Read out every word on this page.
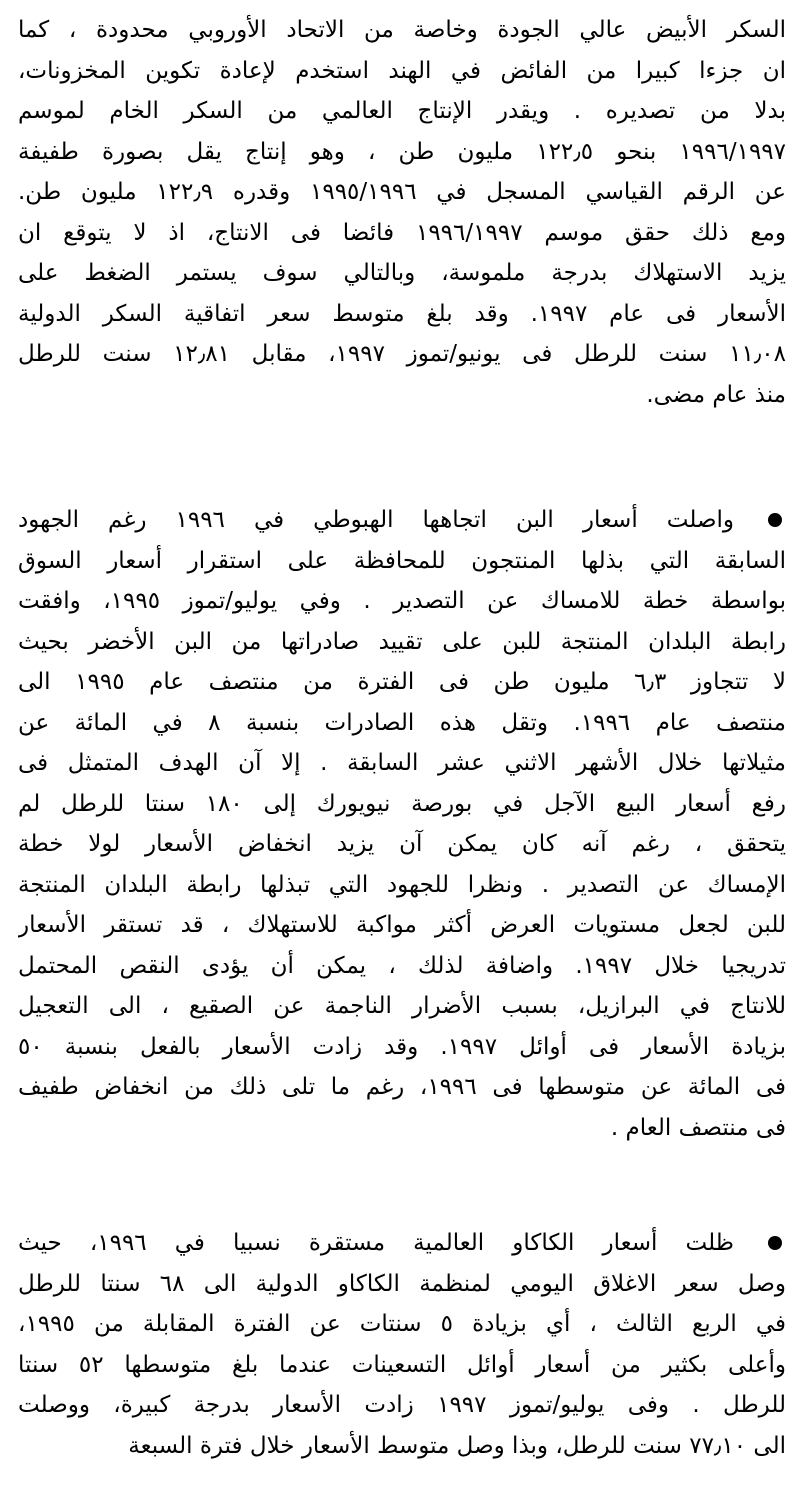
السكر الأبيض عالي الجودة وخاصة من الاتحاد الأوروبي محدودة ، كما
ان جزءا كبيرا من الفائض في الهند استخدم لإعادة تكوين المخزونات،
بدلا من تصديره . ويقدر الإنتاج العالمي من السكر الخام لموسم
١٩٩٦/١٩٩٧ بنحو ١٢٢٫٥ مليون طن ، وهو إنتاج يقل بصورة طفيفة
عن الرقم القياسي المسجل في ١٩٩٥/١٩٩٦ وقدره ١٢٢٫٩ مليون طن.
ومع ذلك حقق موسم ١٩٩٦/١٩٩٧ فائضا فى الانتاج، اذ لا يتوقع ان
يزيد الاستهلاك بدرجة ملموسة، وبالتالي سوف يستمر الضغط على
الأسعار فى عام ١٩٩٧. وقد بلغ متوسط سعر اتفاقية السكر الدولية
١١٫٠٨ سنت للرطل فى يونيو/تموز ١٩٩٧، مقابل ١٢٫٨١ سنت للرطل
منذ عام مضى.
واصلت أسعار البن اتجاهها الهبوطي في ١٩٩٦ رغم الجهود
السابقة التي بذلها المنتجون للمحافظة على استقرار أسعار السوق
بواسطة خطة للامساك عن التصدير . وفي يوليو/تموز ١٩٩٥، وافقت
رابطة البلدان المنتجة للبن على تقييد صادراتها من البن الأخضر بحيث
لا تتجاوز ٦٫٣ مليون طن فى الفترة من منتصف عام ١٩٩٥ الى
منتصف عام ١٩٩٦. وتقل هذه الصادرات بنسبة ٨ في المائة عن
مثيلاتها خلال الأشهر الاثني عشر السابقة . إلا آن الهدف المتمثل فى
رفع أسعار البيع الآجل في بورصة نيويورك إلى ١٨٠ سنتا للرطل لم
يتحقق ، رغم آنه كان يمكن آن يزيد انخفاض الأسعار لولا خطة
الإمساك عن التصدير . ونظرا للجهود التي تبذلها رابطة البلدان المنتجة
للبن لجعل مستويات العرض أكثر مواكبة للاستهلاك ، قد تستقر الأسعار
تدريجيا خلال ١٩٩٧. واضافة لذلك ، يمكن أن يؤدى النقص المحتمل
للانتاج في البرازيل، بسبب الأضرار الناجمة عن الصقيع ، الى التعجيل
بزيادة الأسعار فى أوائل ١٩٩٧. وقد زادت الأسعار بالفعل بنسبة ٥٠
فى المائة عن متوسطها فى ١٩٩٦، رغم ما تلى ذلك من انخفاض طفيف
فى منتصف العام .
ظلت أسعار الكاكاو العالمية مستقرة نسبيا في ١٩٩٦، حيث
وصل سعر الاغلاق اليومي لمنظمة الكاكاو الدولية الى ٦٨ سنتا للرطل
في الربع الثالث ، أي بزيادة ٥ سنتات عن الفترة المقابلة من ١٩٩٥،
وأعلى بكثير من أسعار أوائل التسعينات عندما بلغ متوسطها ٥٢ سنتا
للرطل . وفى يوليو/تموز ١٩٩٧ زادت الأسعار بدرجة كبيرة، ووصلت
الى ٧٧٫١٠ سنت للرطل، وبذا وصل متوسط الأسعار خلال فترة السبعة
